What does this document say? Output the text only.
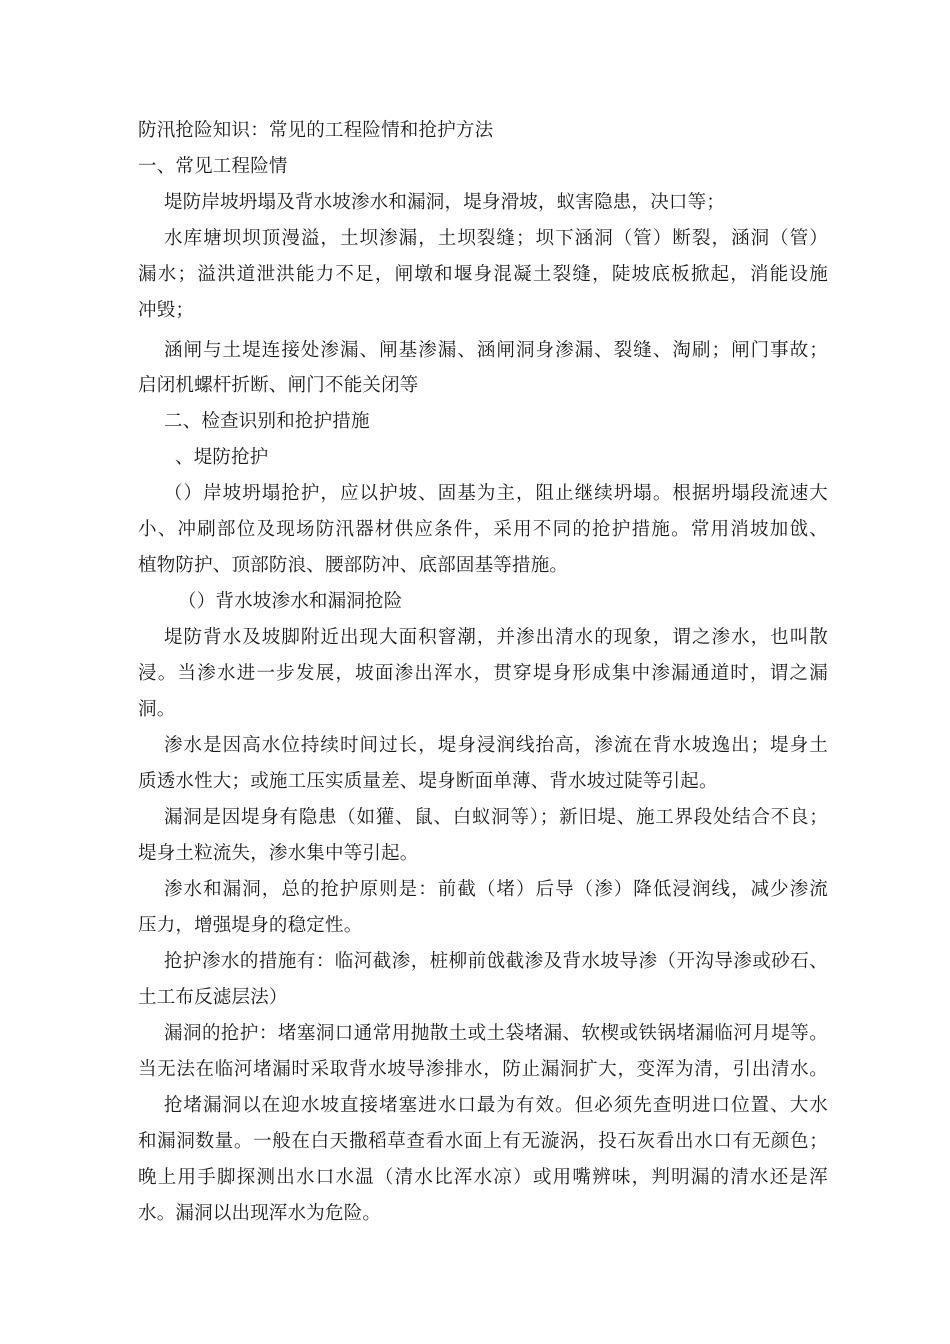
防汛抢险知识：常见的工程险情和抢护方法
一、常见工程险情
堤防岸坡坍塌及背水坡渗水和漏洞，堤身滑坡，蚁害隐患，决口等；
水库塘坝坝顶漫溢，土坝渗漏，土坝裂缝；坝下涵洞（管）断裂，涵洞（管）
漏水；溢洪道泄洪能力不足，闸墩和堰身混凝土裂缝，陡坡底板掀起，消能设施
冲毁；
涵闸与土堤连接处渗漏、闸基渗漏、涵闸洞身渗漏、裂缝、淘刷；闸门事故；
启闭机螺杆折断、闸门不能关闭等
二、检查识别和抢护措施
、堤防抢护
（）岸坡坍塌抢护，应以护坡、固基为主，阻止继续坍塌。根据坍塌段流速大
小、冲刷部位及现场防汛器材供应条件，采用不同的抢护措施。常用消坡加戗、
植物防护、顶部防浪、腰部防冲、底部固基等措施。
（）背水坡渗水和漏洞抢险
堤防背水及坡脚附近出现大面积窨潮，并渗出清水的现象，谓之渗水，也叫散
浸。当渗水进一步发展，坡面渗出浑水，贯穿堤身形成集中渗漏通道时，谓之漏
洞。
渗水是因高水位持续时间过长，堤身浸润线抬高，渗流在背水坡逸出；堤身土
质透水性大；或施工压实质量差、堤身断面单薄、背水坡过陡等引起。
漏洞是因堤身有隐患（如獾、鼠、白蚁洞等）；新旧堤、施工界段处结合不良；
堤身土粒流失，渗水集中等引起。
渗水和漏洞，总的抢护原则是：前截（堵）后导（渗）降低浸润线，减少渗流
压力，增强堤身的稳定性。
抢护渗水的措施有：临河截渗，桩柳前戗截渗及背水坡导渗（开沟导渗或砂石、
土工布反滤层法）
漏洞的抢护：堵塞洞口通常用抛散土或土袋堵漏、软楔或铁锅堵漏临河月堤等。
当无法在临河堵漏时采取背水坡导渗排水，防止漏洞扩大，变浑为清，引出清水。
抢堵漏洞以在迎水坡直接堵塞进水口最为有效。但必须先查明进口位置、大水
和漏洞数量。一般在白天撒稻草查看水面上有无漩涡，投石灰看出水口有无颜色；
晚上用手脚探测出水口水温（清水比浑水凉）或用嘴辨味，判明漏的清水还是浑
水。漏洞以出现浑水为危险。
